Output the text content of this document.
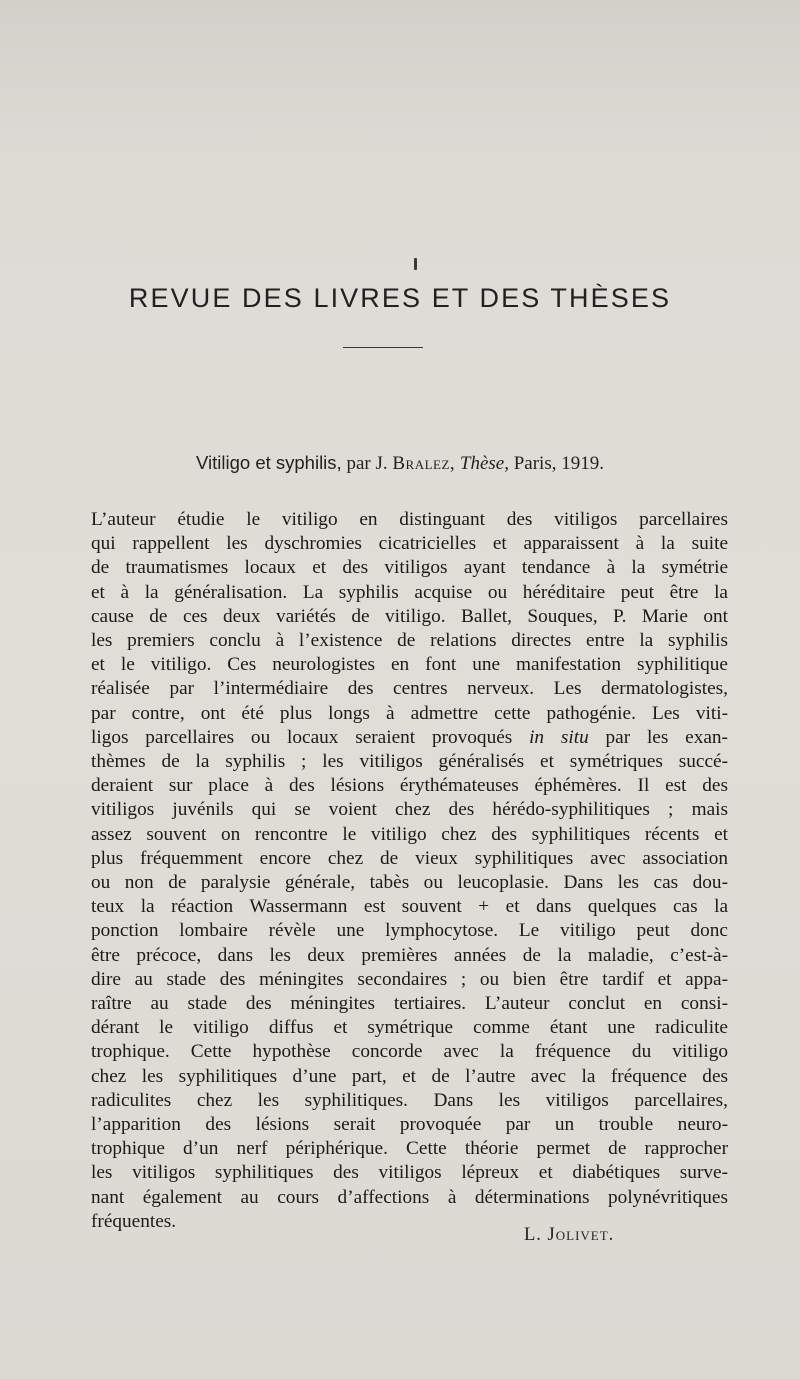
REVUE DES LIVRES ET DES THÈSES
Vitiligo et syphilis, par J. Bralez, Thèse, Paris, 1919.
L’auteur étudie le vitiligo en distinguant des vitiligos parcellaires
qui rappellent les dyschromies cicatricielles et apparaissent à la suite
de traumatismes locaux et des vitiligos ayant tendance à la symétrie
et à la généralisation. La syphilis acquise ou héréditaire peut être la
cause de ces deux variétés de vitiligo. Ballet, Souques, P. Marie ont
les premiers conclu à l’existence de relations directes entre la syphilis
et le vitiligo. Ces neurologistes en font une manifestation syphilitique
réalisée par l’intermédiaire des centres nerveux. Les dermatologistes,
par contre, ont été plus longs à admettre cette pathogénie. Les viti-
ligos parcellaires ou locaux seraient provoqués in situ par les exan-
thèmes de la syphilis ; les vitiligos généralisés et symétriques succé-
deraient sur place à des lésions érythémateuses éphémères. Il est des
vitiligos juvénils qui se voient chez des hérédo-syphilitiques ; mais
assez souvent on rencontre le vitiligo chez des syphilitiques récents et
plus fréquemment encore chez de vieux syphilitiques avec association
ou non de paralysie générale, tabès ou leucoplasie. Dans les cas dou-
teux la réaction Wassermann est souvent + et dans quelques cas la
ponction lombaire révèle une lymphocytose. Le vitiligo peut donc
être précoce, dans les deux premières années de la maladie, c’est-à-
dire au stade des méningites secondaires ; ou bien être tardif et appa-
raître au stade des méningites tertiaires. L’auteur conclut en consi-
dérant le vitiligo diffus et symétrique comme étant une radiculite
trophique. Cette hypothèse concorde avec la fréquence du vitiligo
chez les syphilitiques d’une part, et de l’autre avec la fréquence des
radiculites chez les syphilitiques. Dans les vitiligos parcellaires,
l’apparition des lésions serait provoquée par un trouble neuro-
trophique d’un nerf périphérique. Cette théorie permet de rapprocher
les vitiligos syphilitiques des vitiligos lépreux et diabétiques surve-
nant également au cours d’affections à déterminations polynévritiques
fréquentes.
L. Jolivet.
